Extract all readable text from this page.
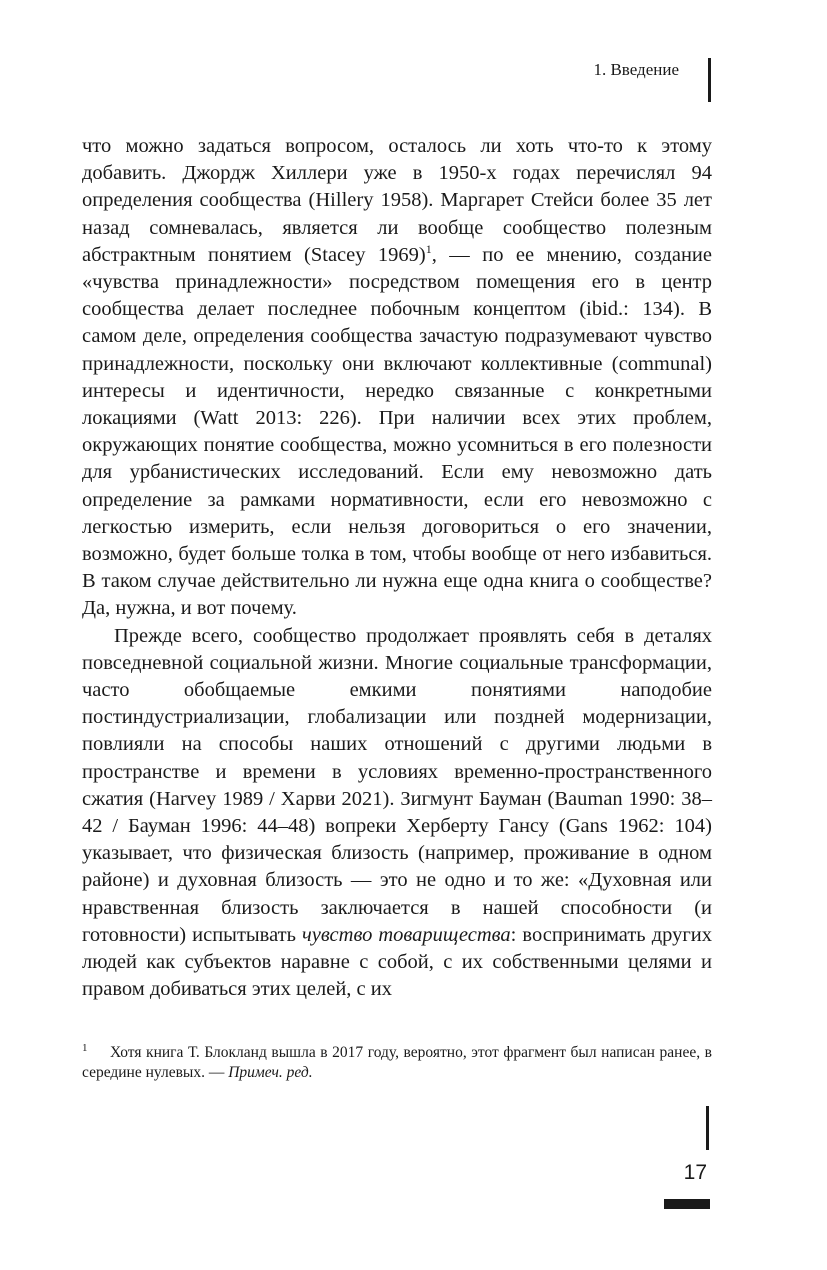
1. Введение

что можно задаться вопросом, осталось ли хоть что-то к этому добавить. Джордж Хиллери уже в 1950-х годах перечислял 94 определения сообщества (Hillery 1958). Маргарет Стейси более 35 лет назад сомневалась, является ли вообще сообщество полезным абстрактным понятием (Stacey 1969)$^1$, — по ее мнению, создание «чувства принадлежности» посредством помещения его в центр сообщества делает последнее побочным концептом (ibid.: 134). В самом деле, определения сообщества зачастую подразумевают чувство принадлежности, поскольку они включают коллективные (communal) интересы и идентичности, нередко связанные с конкретными локациями (Watt 2013: 226). При наличии всех этих проблем, окружающих понятие сообщества, можно усомниться в его полезности для урбанистических исследований. Если ему невозможно дать определение за рамками нормативности, если его невозможно с легкостью измерить, если нельзя договориться о его значении, возможно, будет больше толка в том, чтобы вообще от него избавиться. В таком случае действительно ли нужна еще одна книга о сообществе? Да, нужна, и вот почему.

Прежде всего, сообщество продолжает проявлять себя в деталях повседневной социальной жизни. Многие социальные трансформации, часто обобщаемые емкими понятиями наподобие постиндустриализации, глобализации или поздней модернизации, повлияли на способы наших отношений с другими людьми в пространстве и времени в условиях временно-пространственного сжатия (Harvey 1989 / Харви 2021). Зигмунт Бауман (Bauman 1990: 38–42 / Бауман 1996: 44–48) вопреки Херберту Гансу (Gans 1962: 104) указывает, что физическая близость (например, проживание в одном районе) и духовная близость — это не одно и то же: «Духовная или нравственная близость заключается в нашей способности (и готовности) испытывать чувство товарищества: воспринимать других людей как субъектов наравне с собой, с их собственными целями и правом добиваться этих целей, с их

1 Хотя книга Т. Блокланд вышла в 2017 году, вероятно, этот фрагмент был написан ранее, в середине нулевых. — Примеч. ред.
17
